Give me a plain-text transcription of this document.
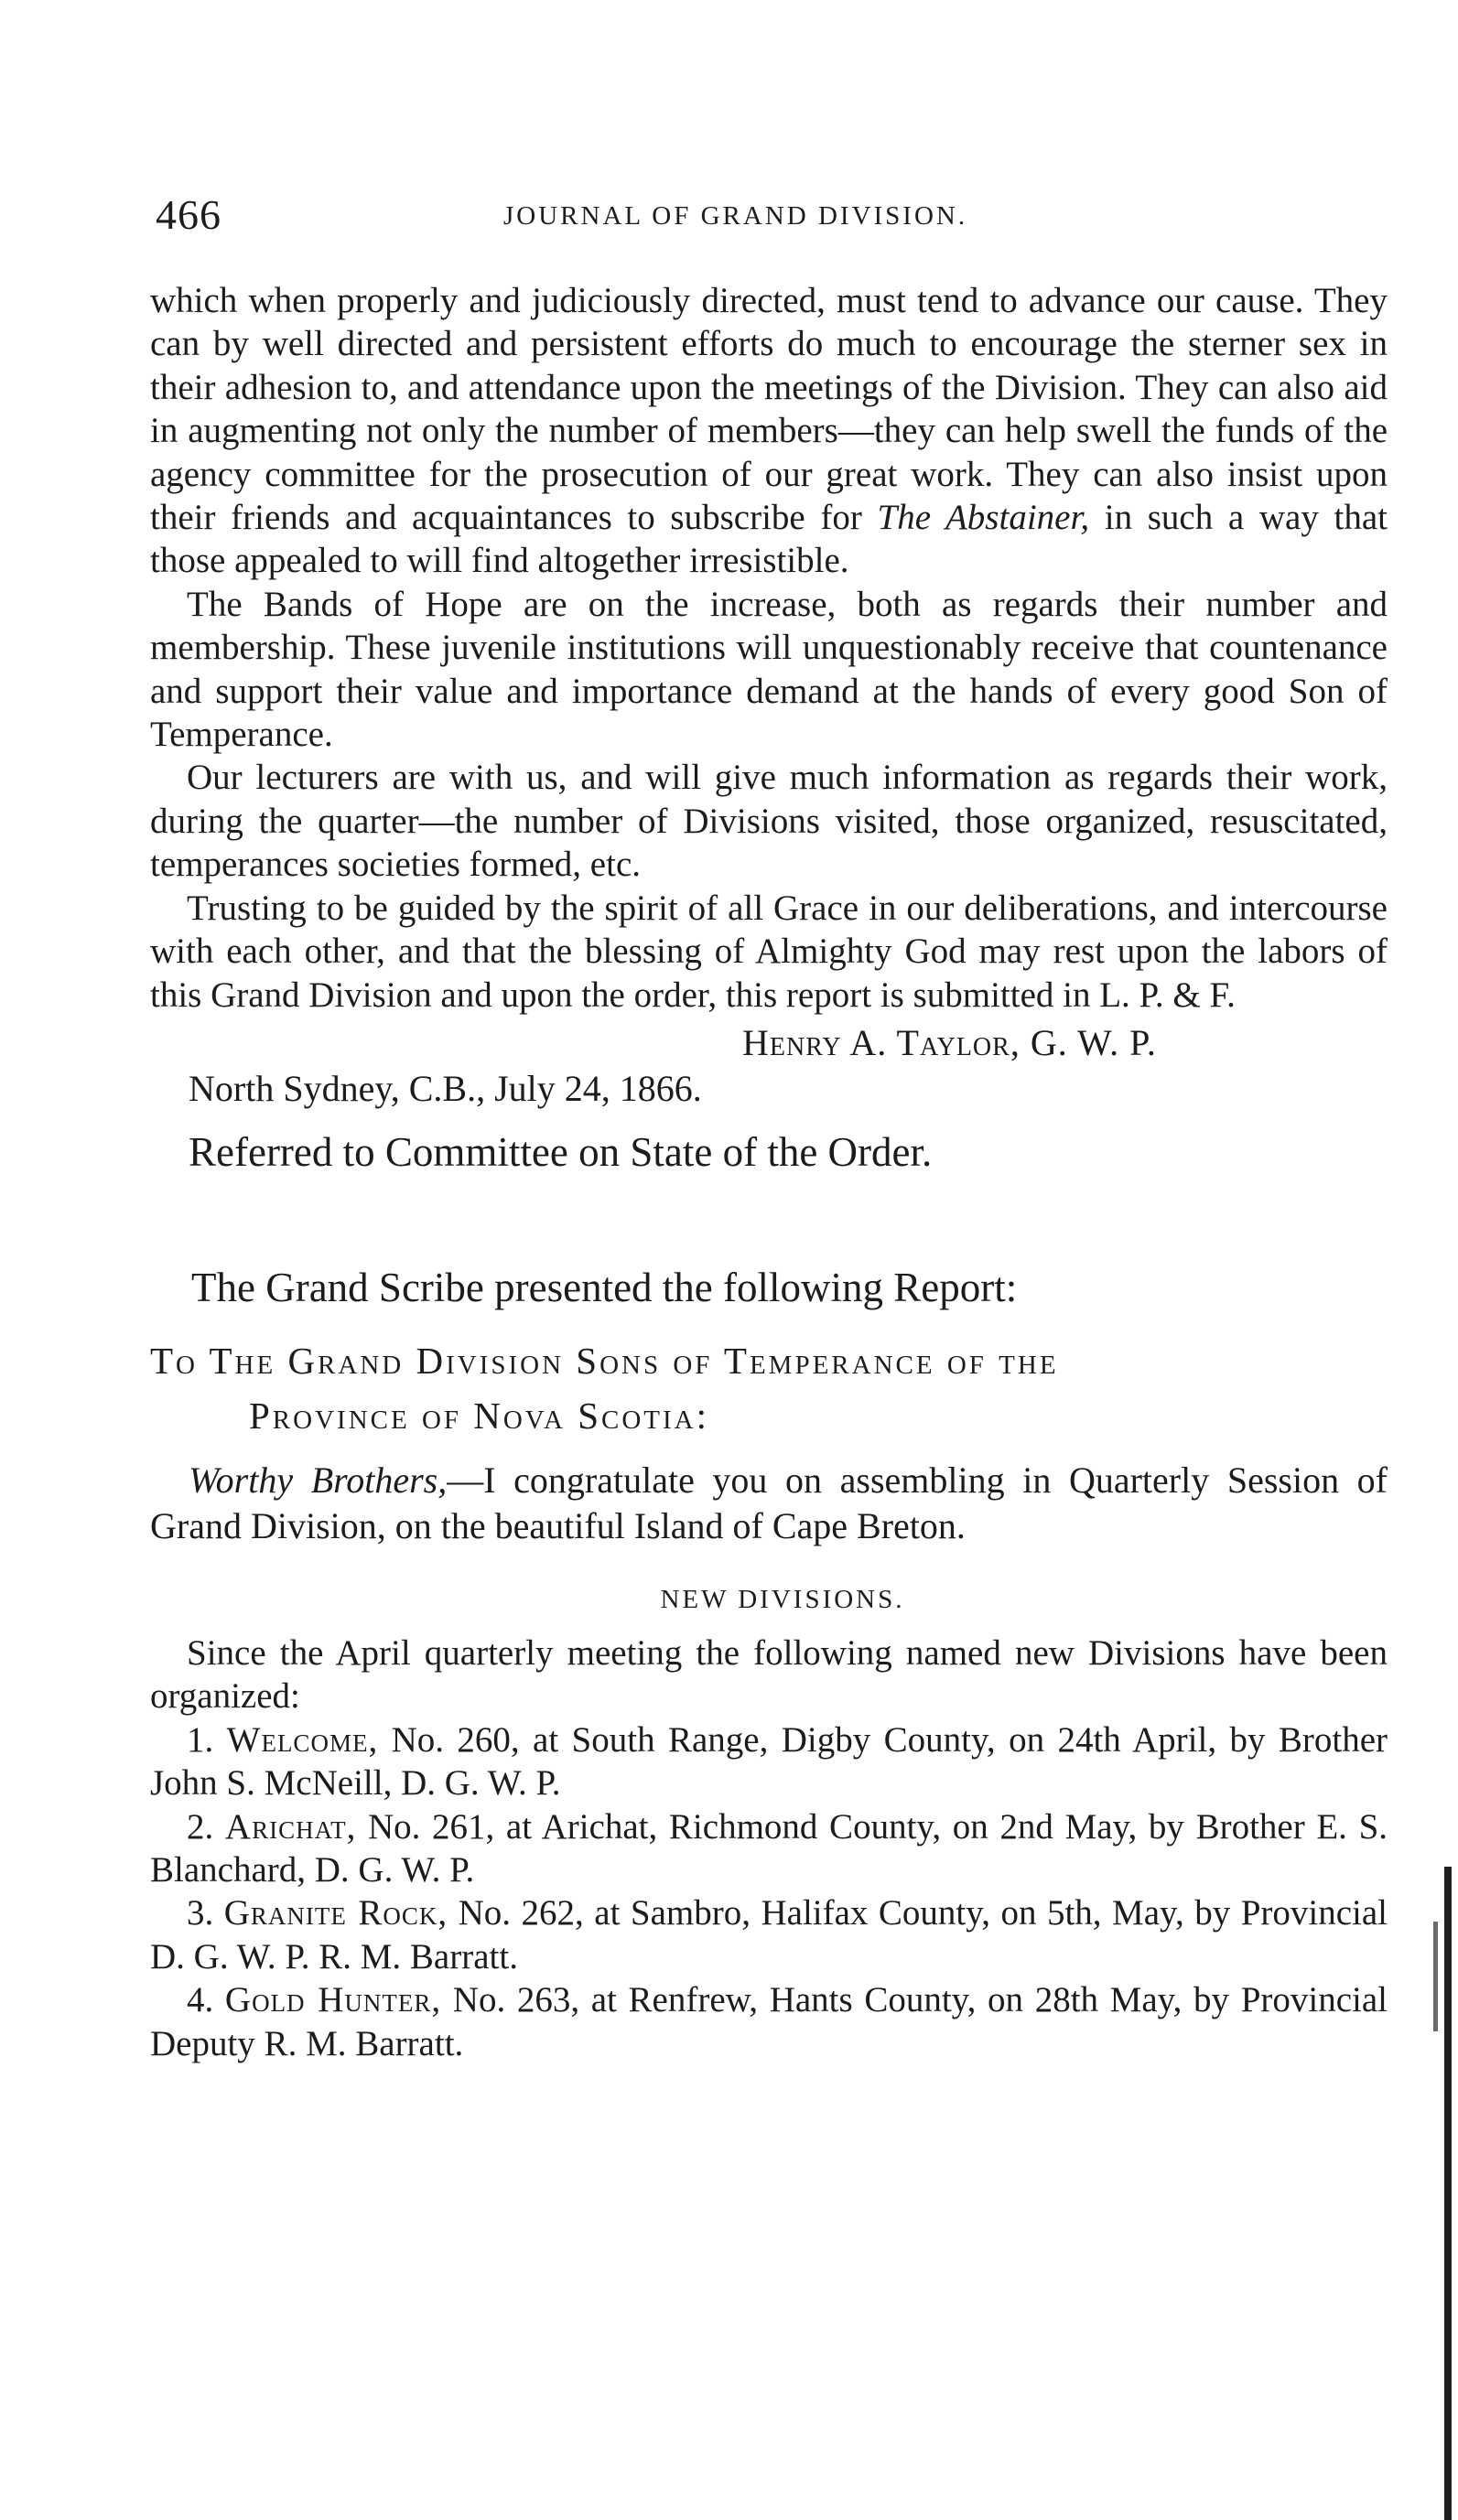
466	JOURNAL OF GRAND DIVISION.

which when properly and judiciously directed, must tend to advance our cause. They can by well directed and persistent efforts do much to encourage the sterner sex in their adhesion to, and attendance upon the meetings of the Division. They can also aid in augmenting not only the number of members—they can help swell the funds of the agency committee for the prosecution of our great work. They can also insist upon their friends and acquaintances to subscribe for The Abstainer, in such a way that those appealed to will find altogether irresistible.

The Bands of Hope are on the increase, both as regards their number and membership. These juvenile institutions will unquestionably receive that countenance and support their value and importance demand at the hands of every good Son of Temperance.

Our lecturers are with us, and will give much information as regards their work, during the quarter—the number of Divisions visited, those organized, resuscitated, temperances societies formed, etc.

Trusting to be guided by the spirit of all Grace in our deliberations, and intercourse with each other, and that the blessing of Almighty God may rest upon the labors of this Grand Division and upon the order, this report is submitted in L. P. & F.

Henry A. Taylor, G. W. P.
North Sydney, C.B., July 24, 1866.
Referred to Committee on State of the Order.
The Grand Scribe presented the following Report:
To The Grand Division Sons of Temperance of the
Province of Nova Scotia:

Worthy Brothers,—I congratulate you on assembling in Quarterly Session of Grand Division, on the beautiful Island of Cape Breton.

NEW DIVISIONS.

Since the April quarterly meeting the following named new Divisions have been organized:

1. Welcome, No. 260, at South Range, Digby County, on 24th April, by Brother John S. McNeill, D. G. W. P.

2. Arichat, No. 261, at Arichat, Richmond County, on 2nd May, by Brother E. S. Blanchard, D. G. W. P.

3. Granite Rock, No. 262, at Sambro, Halifax County, on 5th, May, by Provincial D. G. W. P. R. M. Barratt.

4. Gold Hunter, No. 263, at Renfrew, Hants County, on 28th May, by Provincial Deputy R. M. Barratt.
